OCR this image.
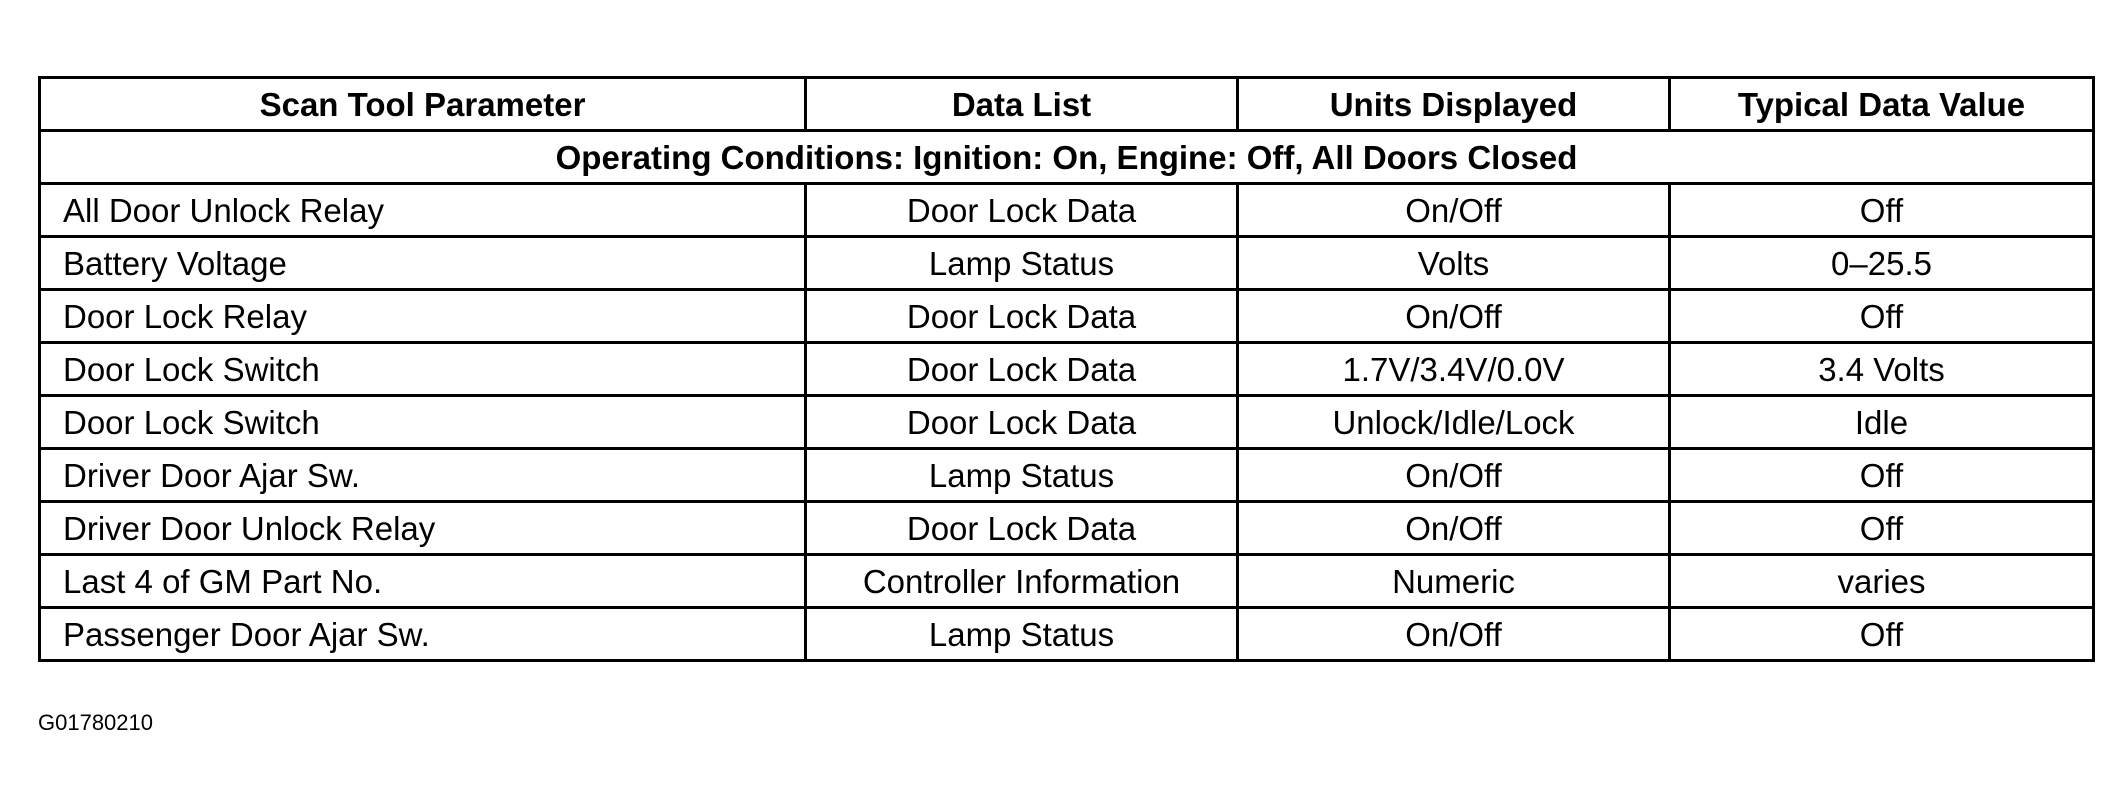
Scan Tool Parameter	Data List	Units Displayed	Typical Data Value
Operating Conditions: Ignition: On, Engine: Off, All Doors Closed			
All Door Unlock Relay	Door Lock Data	On/Off	Off
Battery Voltage	Lamp Status	Volts	0–25.5
Door Lock Relay	Door Lock Data	On/Off	Off
Door Lock Switch	Door Lock Data	1.7V/3.4V/0.0V	3.4 Volts
Door Lock Switch	Door Lock Data	Unlock/Idle/Lock	Idle
Driver Door Ajar Sw.	Lamp Status	On/Off	Off
Driver Door Unlock Relay	Door Lock Data	On/Off	Off
Last 4 of GM Part No.	Controller Information	Numeric	varies
Passenger Door Ajar Sw.	Lamp Status	On/Off	Off
G01780210
